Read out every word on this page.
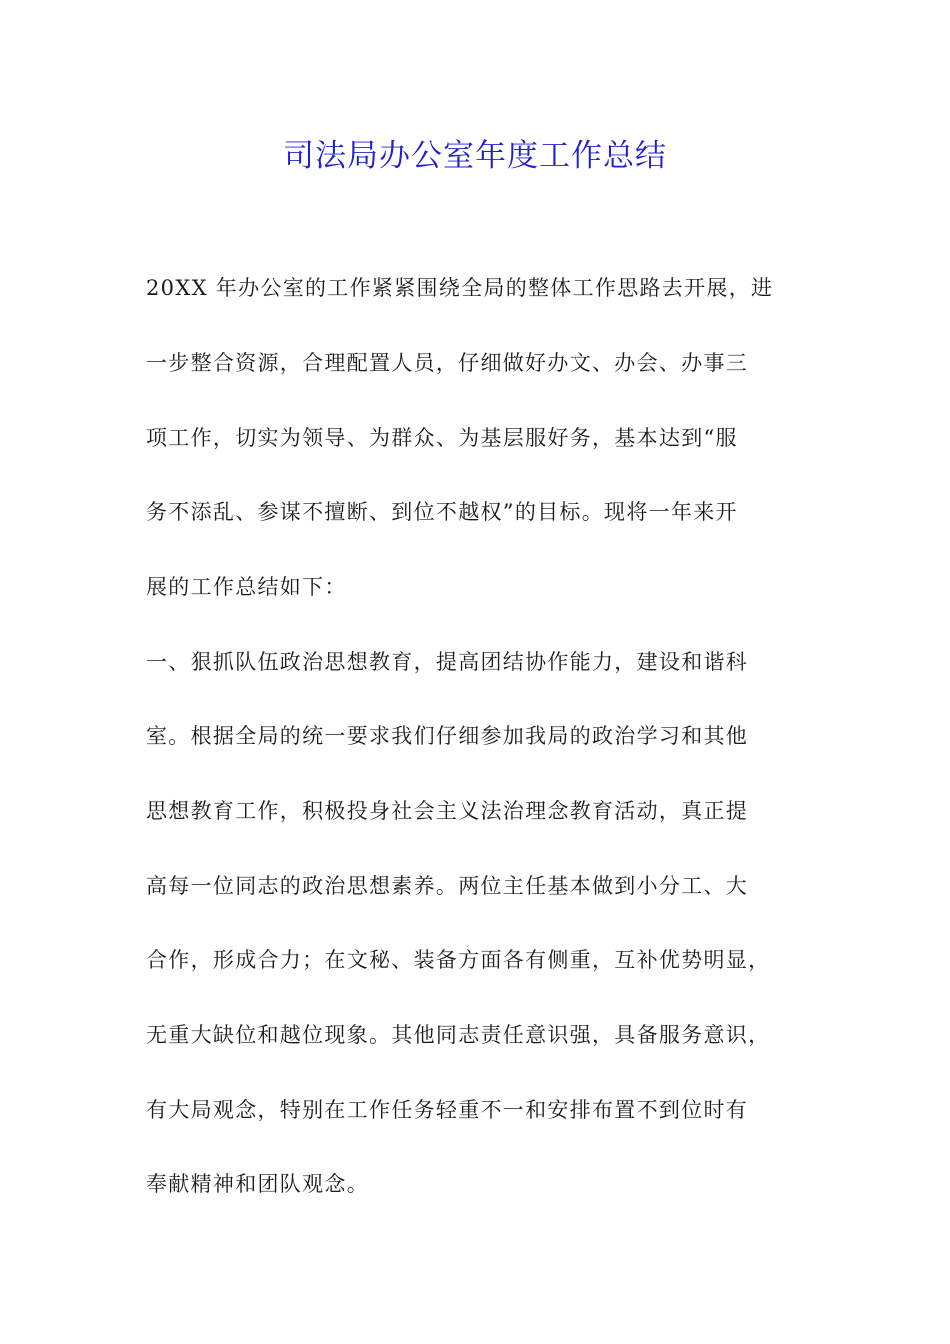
司法局办公室年度工作总结
20XX 年办公室的工作紧紧围绕全局的整体工作思路去开展，进
一步整合资源，合理配置人员，仔细做好办文、办会、办事三
项工作，切实为领导、为群众、为基层服好务，基本达到“服
务不添乱、参谋不擅断、到位不越权”的目标。现将一年来开
展的工作总结如下：
一、狠抓队伍政治思想教育，提高团结协作能力，建设和谐科
室。根据全局的统一要求我们仔细参加我局的政治学习和其他
思想教育工作，积极投身社会主义法治理念教育活动，真正提
高每一位同志的政治思想素养。两位主任基本做到小分工、大
合作，形成合力；在文秘、装备方面各有侧重，互补优势明显，
无重大缺位和越位现象。其他同志责任意识强，具备服务意识，
有大局观念，特别在工作任务轻重不一和安排布置不到位时有
奉献精神和团队观念。
